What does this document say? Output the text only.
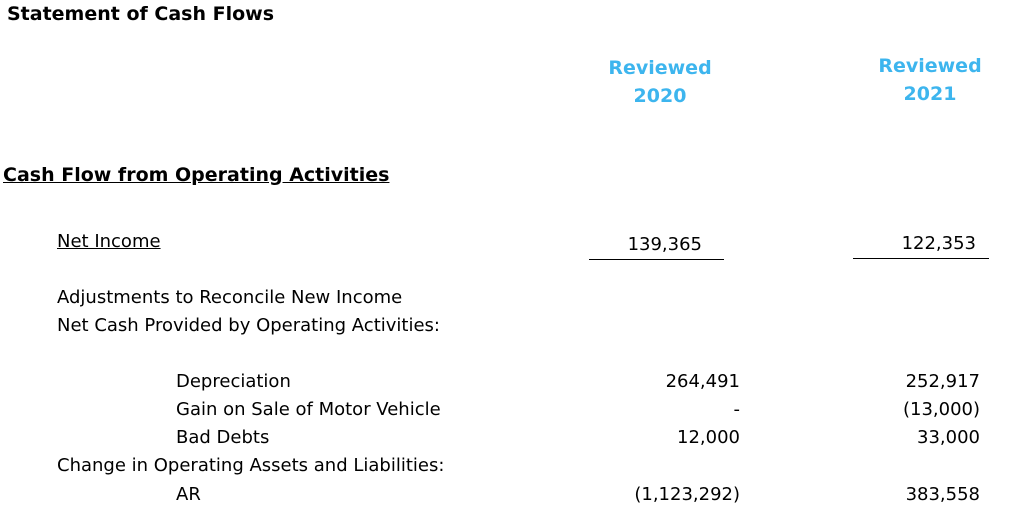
Statement of Cash Flows
Reviewed
2020
Reviewed
2021
Cash Flow from Operating Activities
Net Income	139,365	122,353
Adjustments to Reconcile New Income
Net Cash Provided by Operating Activities:
Depreciation	264,491	252,917
Gain on Sale of Motor Vehicle	-	(13,000)
Bad Debts	12,000	33,000
Change in Operating Assets and Liabilities:
AR	(1,123,292)	383,558
